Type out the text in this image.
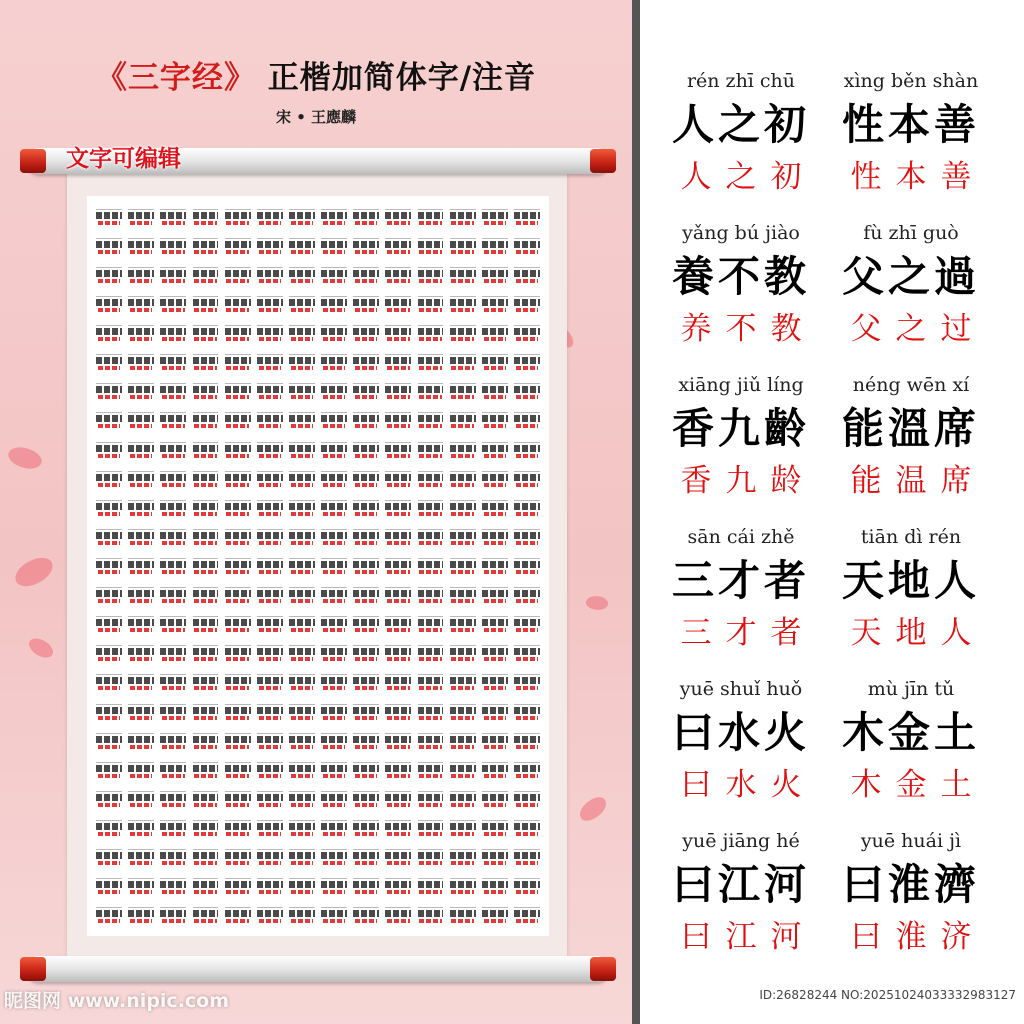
《三字经》 正楷加简体字/注音
宋 • 王應麟
文字可编辑
昵图网 www.nipic.com
rén zhī chū
人之初
人之初
xìng běn shàn
性本善
性本善
yǎng bú jiào
養不教
养不教
fù zhī guò
父之過
父之过
xiāng jiǔ líng
香九齡
香九龄
néng wēn xí
能溫席
能温席
sān cái zhě
三才者
三才者
tiān dì rén
天地人
天地人
yuē shuǐ huǒ
曰水火
曰水火
mù jīn tǔ
木金土
木金土
yuē jiāng hé
曰江河
曰江河
yuē huái jì
曰淮濟
曰淮济
ID:26828244 NO:20251024033332983127
